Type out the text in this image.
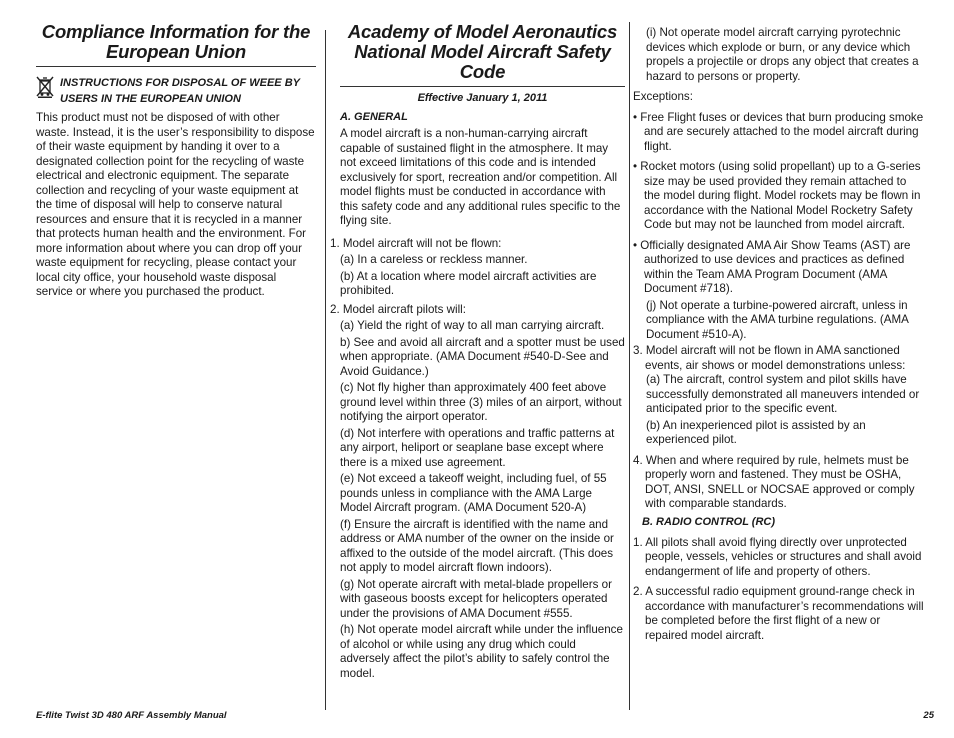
Compliance Information for the
European Union
INSTRUCTIONS FOR DISPOSAL OF WEEE BY
USERS IN THE EUROPEAN UNION

This product must not be disposed of with other waste. Instead, it is the user’s responsibility to dispose of their waste equipment by handing it over to a designated collection point for the recycling of waste electrical and electronic equipment. The separate collection and recycling of your waste equipment at the time of disposal will help to conserve natural resources and ensure that it is recycled in a manner that protects human health and the environment. For more information about where you can drop off your waste equipment for recycling, please contact your local city office, your household waste disposal service or where you purchased the product.

Academy of Model Aeronautics
National Model Aircraft Safety Code
Effective January 1, 2011
A. GENERAL

A model aircraft is a non-human-carrying aircraft capable of sustained flight in the atmosphere. It may not exceed limitations of this code and is intended exclusively for sport, recreation and/or competition. All model flights must be conducted in accordance with this safety code and any additional rules specific to the flying site.

1. Model aircraft will not be flown:

(a) In a careless or reckless manner.

(b) At a location where model aircraft activities are prohibited.

2. Model aircraft pilots will:

(a) Yield the right of way to all man carrying aircraft.

b) See and avoid all aircraft and a spotter must be used when appropriate. (AMA Document #540-D-See and Avoid Guidance.)

(c) Not fly higher than approximately 400 feet above ground level within three (3) miles of an airport, without notifying the airport operator.

(d) Not interfere with operations and traffic patterns at any airport, heliport or seaplane base except where there is a mixed use agreement.

(e) Not exceed a takeoff weight, including fuel, of 55 pounds unless in compliance with the AMA Large Model Aircraft program. (AMA Document 520-A)

(f) Ensure the aircraft is identified with the name and address or AMA number of the owner on the inside or affixed to the outside of the model aircraft. (This does not apply to model aircraft flown indoors).

(g) Not operate aircraft with metal-blade propellers or with gaseous boosts except for helicopters operated under the provisions of AMA Document #555.

(h) Not operate model aircraft while under the influence of alcohol or while using any drug which could adversely affect the pilot’s ability to safely control the model.

(i) Not operate model aircraft carrying pyrotechnic devices which explode or burn, or any device which propels a projectile or drops any object that creates a hazard to persons or property.

Exceptions:

• Free Flight fuses or devices that burn producing smoke and are securely attached to the model aircraft during flight.

• Rocket motors (using solid propellant) up to a G-series size may be used provided they remain attached to the model during flight. Model rockets may be flown in accordance with the National Model Rocketry Safety Code but may not be launched from model aircraft.

• Officially designated AMA Air Show Teams (AST) are authorized to use devices and practices as defined within the Team AMA Program Document (AMA Document #718).

(j) Not operate a turbine-powered aircraft, unless in compliance with the AMA turbine regulations. (AMA Document #510-A).

3. Model aircraft will not be flown in AMA sanctioned events, air shows or model demonstrations unless:

(a) The aircraft, control system and pilot skills have successfully demonstrated all maneuvers intended or anticipated prior to the specific event.

(b) An inexperienced pilot is assisted by an experienced pilot.

4. When and where required by rule, helmets must be properly worn and fastened. They must be OSHA, DOT, ANSI, SNELL or NOCSAE approved or comply with comparable standards.

B. RADIO CONTROL (RC)

1. All pilots shall avoid flying directly over unprotected people, vessels, vehicles or structures and shall avoid endangerment of life and property of others.

2. A successful radio equipment ground-range check in accordance with manufacturer’s recommendations will be completed before the first flight of a new or repaired model aircraft.

E-flite Twist 3D 480 ARF Assembly Manual	25
